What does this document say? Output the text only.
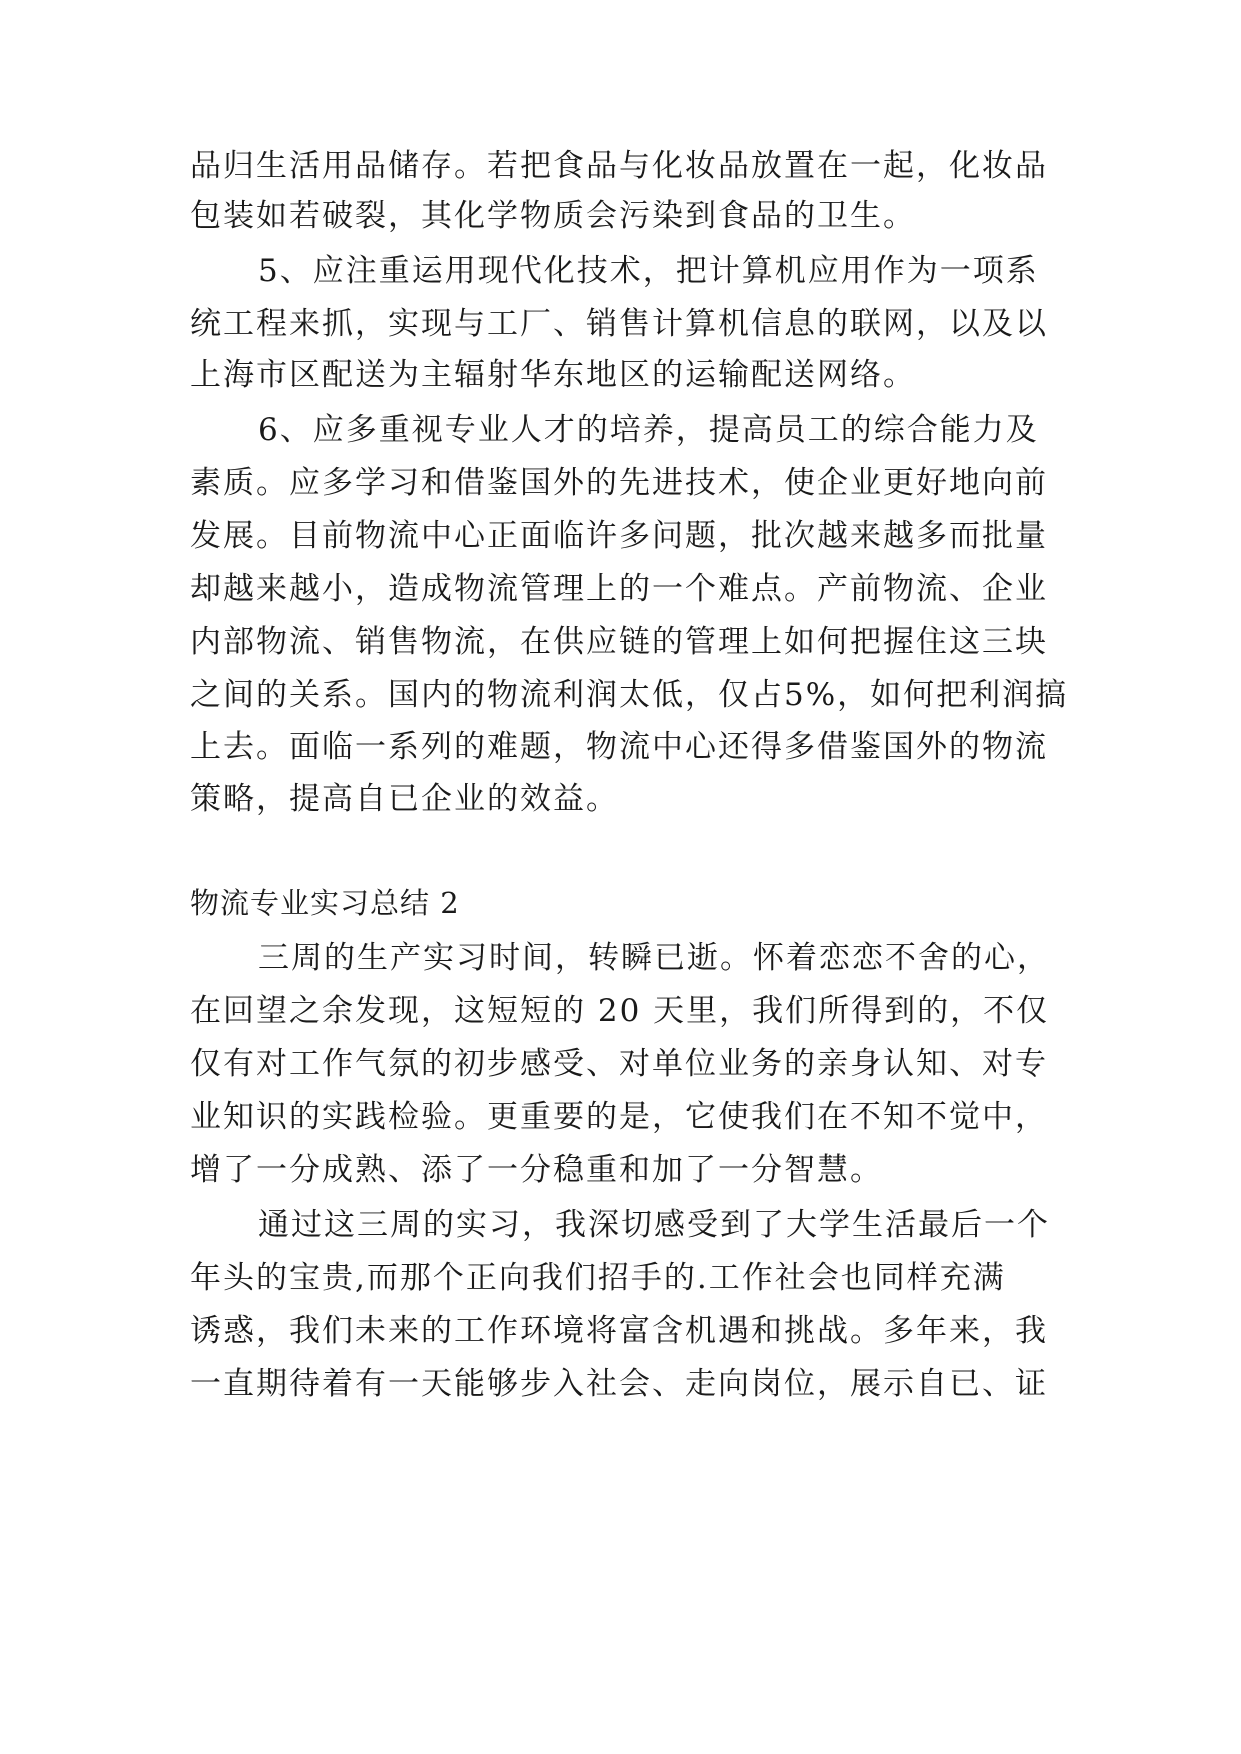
品归生活用品储存。若把食品与化妆品放置在一起，化妆品
包装如若破裂，其化学物质会污染到食品的卫生。
5、应注重运用现代化技术，把计算机应用作为一项系
统工程来抓，实现与工厂、销售计算机信息的联网，以及以
上海市区配送为主辐射华东地区的运输配送网络。
6、应多重视专业人才的培养，提高员工的综合能力及
素质。应多学习和借鉴国外的先进技术，使企业更好地向前
发展。目前物流中心正面临许多问题，批次越来越多而批量
却越来越小，造成物流管理上的一个难点。产前物流、企业
内部物流、销售物流，在供应链的管理上如何把握住这三块
之间的关系。国内的物流利润太低，仅占5%，如何把利润搞
上去。面临一系列的难题，物流中心还得多借鉴国外的物流
策略，提高自已企业的效益。
物流专业实习总结 2
三周的生产实习时间，转瞬已逝。怀着恋恋不舍的心，
在回望之余发现，这短短的 20 天里，我们所得到的，不仅
仅有对工作气氛的初步感受、对单位业务的亲身认知、对专
业知识的实践检验。更重要的是，它使我们在不知不觉中，
增了一分成熟、添了一分稳重和加了一分智慧。
通过这三周的实习，我深切感受到了大学生活最后一个
年头的宝贵,而那个正向我们招手的.工作社会也同样充满
诱惑，我们未来的工作环境将富含机遇和挑战。多年来，我
一直期待着有一天能够步入社会、走向岗位，展示自已、证
